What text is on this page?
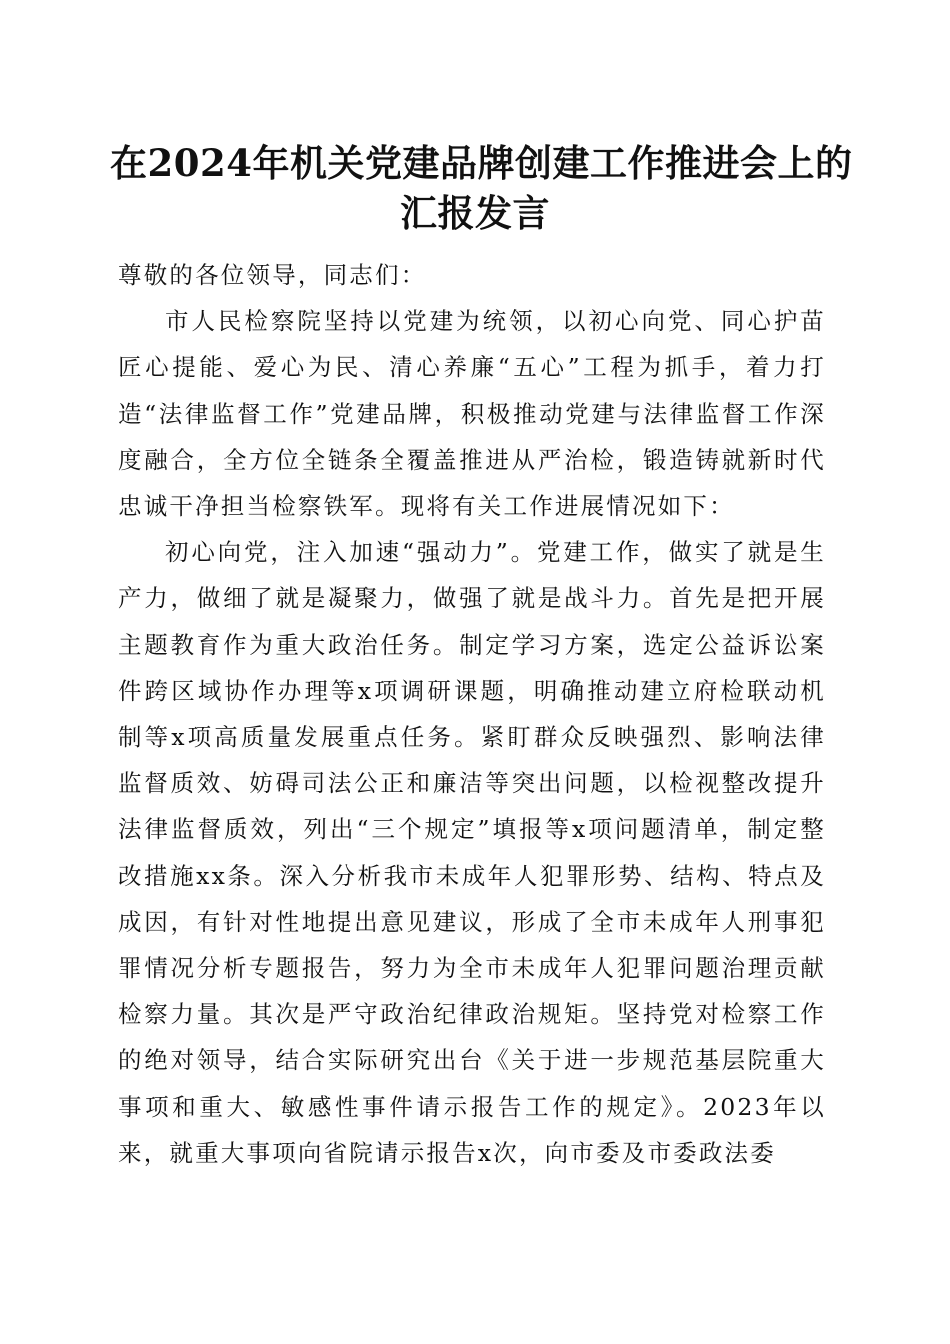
在2024年机关党建品牌创建工作推进会上的
汇报发言

尊敬的各位领导，同志们：

市人民检察院坚持以党建为统领，以初心向党、同心护苗匠心提能、爱心为民、清心养廉“五心”工程为抓手，着力打造“法律监督工作”党建品牌，积极推动党建与法律监督工作深度融合，全方位全链条全覆盖推进从严治检，锻造铸就新时代忠诚干净担当检察铁军。现将有关工作进展情况如下：

初心向党，注入加速“强动力”。党建工作，做实了就是生产力，做细了就是凝聚力，做强了就是战斗力。首先是把开展主题教育作为重大政治任务。制定学习方案，选定公益诉讼案件跨区域协作办理等x项调研课题，明确推动建立府检联动机制等x项高质量发展重点任务。紧盯群众反映强烈、影响法律监督质效、妨碍司法公正和廉洁等突出问题，以检视整改提升法律监督质效，列出“三个规定”填报等x项问题清单，制定整改措施xx条。深入分析我市未成年人犯罪形势、结构、特点及成因，有针对性地提出意见建议，形成了全市未成年人刑事犯罪情况分析专题报告，努力为全市未成年人犯罪问题治理贡献检察力量。其次是严守政治纪律政治规矩。坚持党对检察工作的绝对领导，结合实际研究出台《关于进一步规范基层院重大事项和重大、敏感性事件请示报告工作的规定》。2023年以来，就重大事项向省院请示报告x次，向市委及市委政法委
